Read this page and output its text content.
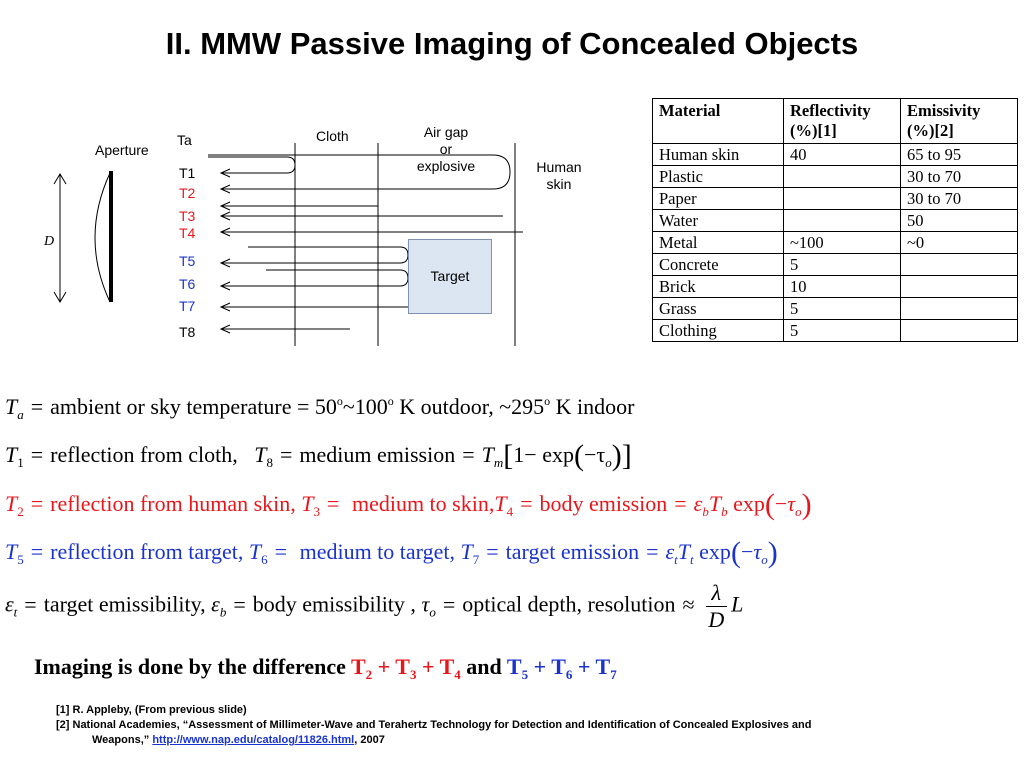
II. MMW Passive Imaging of Concealed Objects
Aperture
D
Ta	Cloth	Air gap
or
explosive	Human
skin
Target
T1
T2
T3
T4
T5
T6
T7
T8
Material	Reflectivity (%)[1]	Emissivity (%)[2]
Human skin	40	65 to 95
Plastic		30 to 70
Paper		30 to 70
Water		50
Metal	~100	~0
Concrete	5	
Brick	10	
Grass	5	
Clothing	5	
$T_a$ = ambient or sky temperature = $50^o\sim 100^o$ K outdoor, ~295$^o$ K indoor
$T_1$ = reflection from cloth, $T_8$ = medium emission = $T_m[1- \exp(-\tau_o)]$
$T_2$ = reflection from human skin, $T_3$ = medium to $skin,T_4$ = body emission = $\varepsilon_bT_b$ $\exp(-\tau_o)$
$T_5$ = reflection from target, $T_6$ = medium to target, $T_7$ = target emission = $\varepsilon_tT_t$ $\exp(-\tau_o)$
$\varepsilon_t$ = target emissibility, $\varepsilon_b$ = body emissibility , $\tau_o$ = optical depth, resolution ≈ $\frac{\lambda}{D}$ L
Imaging is done by the difference $T_2 + T_3 + T_4$ and $T_5 + T_6 + T_7$
[1] R. Appleby, (From previous slide)
[2] National Academies, “Assessment of Millimeter-Wave and Terahertz Technology for Detection and Identification of Concealed Explosives and
Weapons,” http://www.nap.edu/catalog/11826.html, 2007
